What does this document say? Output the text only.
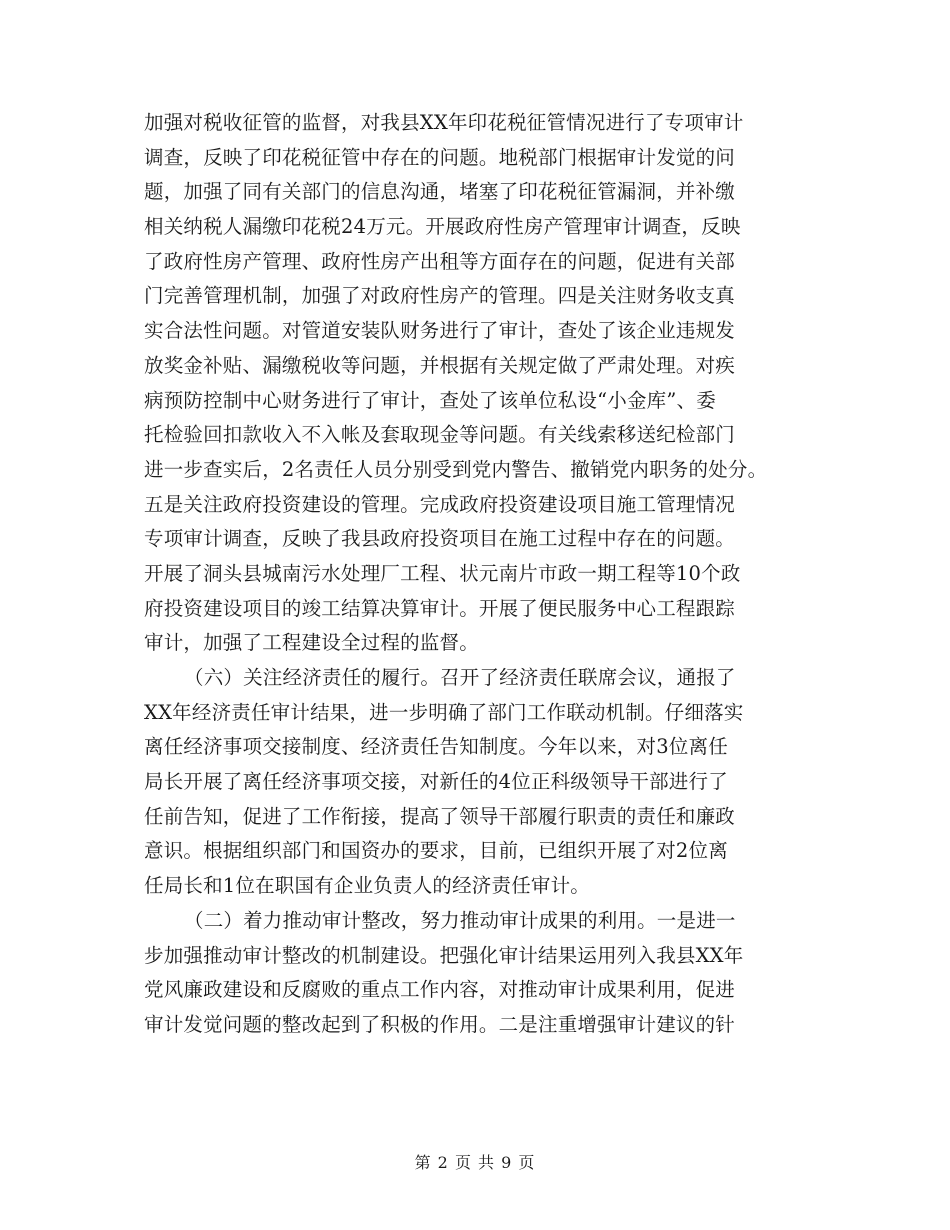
加强对税收征管的监督，对我县XX年印花税征管情况进行了专项审计
调查，反映了印花税征管中存在的问题。地税部门根据审计发觉的问
题，加强了同有关部门的信息沟通，堵塞了印花税征管漏洞，并补缴
相关纳税人漏缴印花税24万元。开展政府性房产管理审计调查，反映
了政府性房产管理、政府性房产出租等方面存在的问题，促进有关部
门完善管理机制，加强了对政府性房产的管理。四是关注财务收支真
实合法性问题。对管道安装队财务进行了审计，查处了该企业违规发
放奖金补贴、漏缴税收等问题，并根据有关规定做了严肃处理。对疾
病预防控制中心财务进行了审计，查处了该单位私设“小金库”、委
托检验回扣款收入不入帐及套取现金等问题。有关线索移送纪检部门
进一步查实后，2名责任人员分别受到党内警告、撤销党内职务的处分。
五是关注政府投资建设的管理。完成政府投资建设项目施工管理情况
专项审计调查，反映了我县政府投资项目在施工过程中存在的问题。
开展了洞头县城南污水处理厂工程、状元南片市政一期工程等10个政
府投资建设项目的竣工结算决算审计。开展了便民服务中心工程跟踪
审计，加强了工程建设全过程的监督。
（六）关注经济责任的履行。召开了经济责任联席会议，通报了
XX年经济责任审计结果，进一步明确了部门工作联动机制。仔细落实
离任经济事项交接制度、经济责任告知制度。今年以来，对3位离任
局长开展了离任经济事项交接，对新任的4位正科级领导干部进行了
任前告知，促进了工作衔接，提高了领导干部履行职责的责任和廉政
意识。根据组织部门和国资办的要求，目前，已组织开展了对2位离
任局长和1位在职国有企业负责人的经济责任审计。
（二）着力推动审计整改，努力推动审计成果的利用。一是进一
步加强推动审计整改的机制建设。把强化审计结果运用列入我县XX年
党风廉政建设和反腐败的重点工作内容，对推动审计成果利用，促进
审计发觉问题的整改起到了积极的作用。二是注重增强审计建议的针
第 2 页 共 9 页
